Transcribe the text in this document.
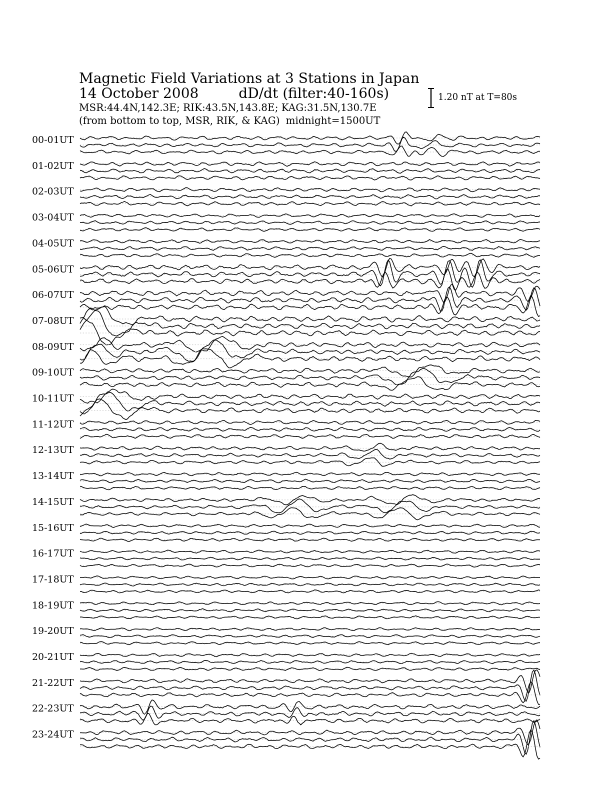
Magnetic Field Variations at 3 Stations in Japan
14 October 2008	dD/dt (filter:40-160s)
MSR:44.4N,142.3E; RIK:43.5N,143.8E; KAG:31.5N,130.7E
(from bottom to top, MSR, RIK, & KAG) midnight=1500UT
1.20 nT at T=80s
00-01UT
01-02UT
02-03UT
03-04UT
04-05UT
05-06UT
06-07UT
07-08UT
08-09UT
09-10UT
10-11UT
11-12UT
12-13UT
13-14UT
14-15UT
15-16UT
16-17UT
17-18UT
18-19UT
19-20UT
20-21UT
21-22UT
22-23UT
23-24UT
